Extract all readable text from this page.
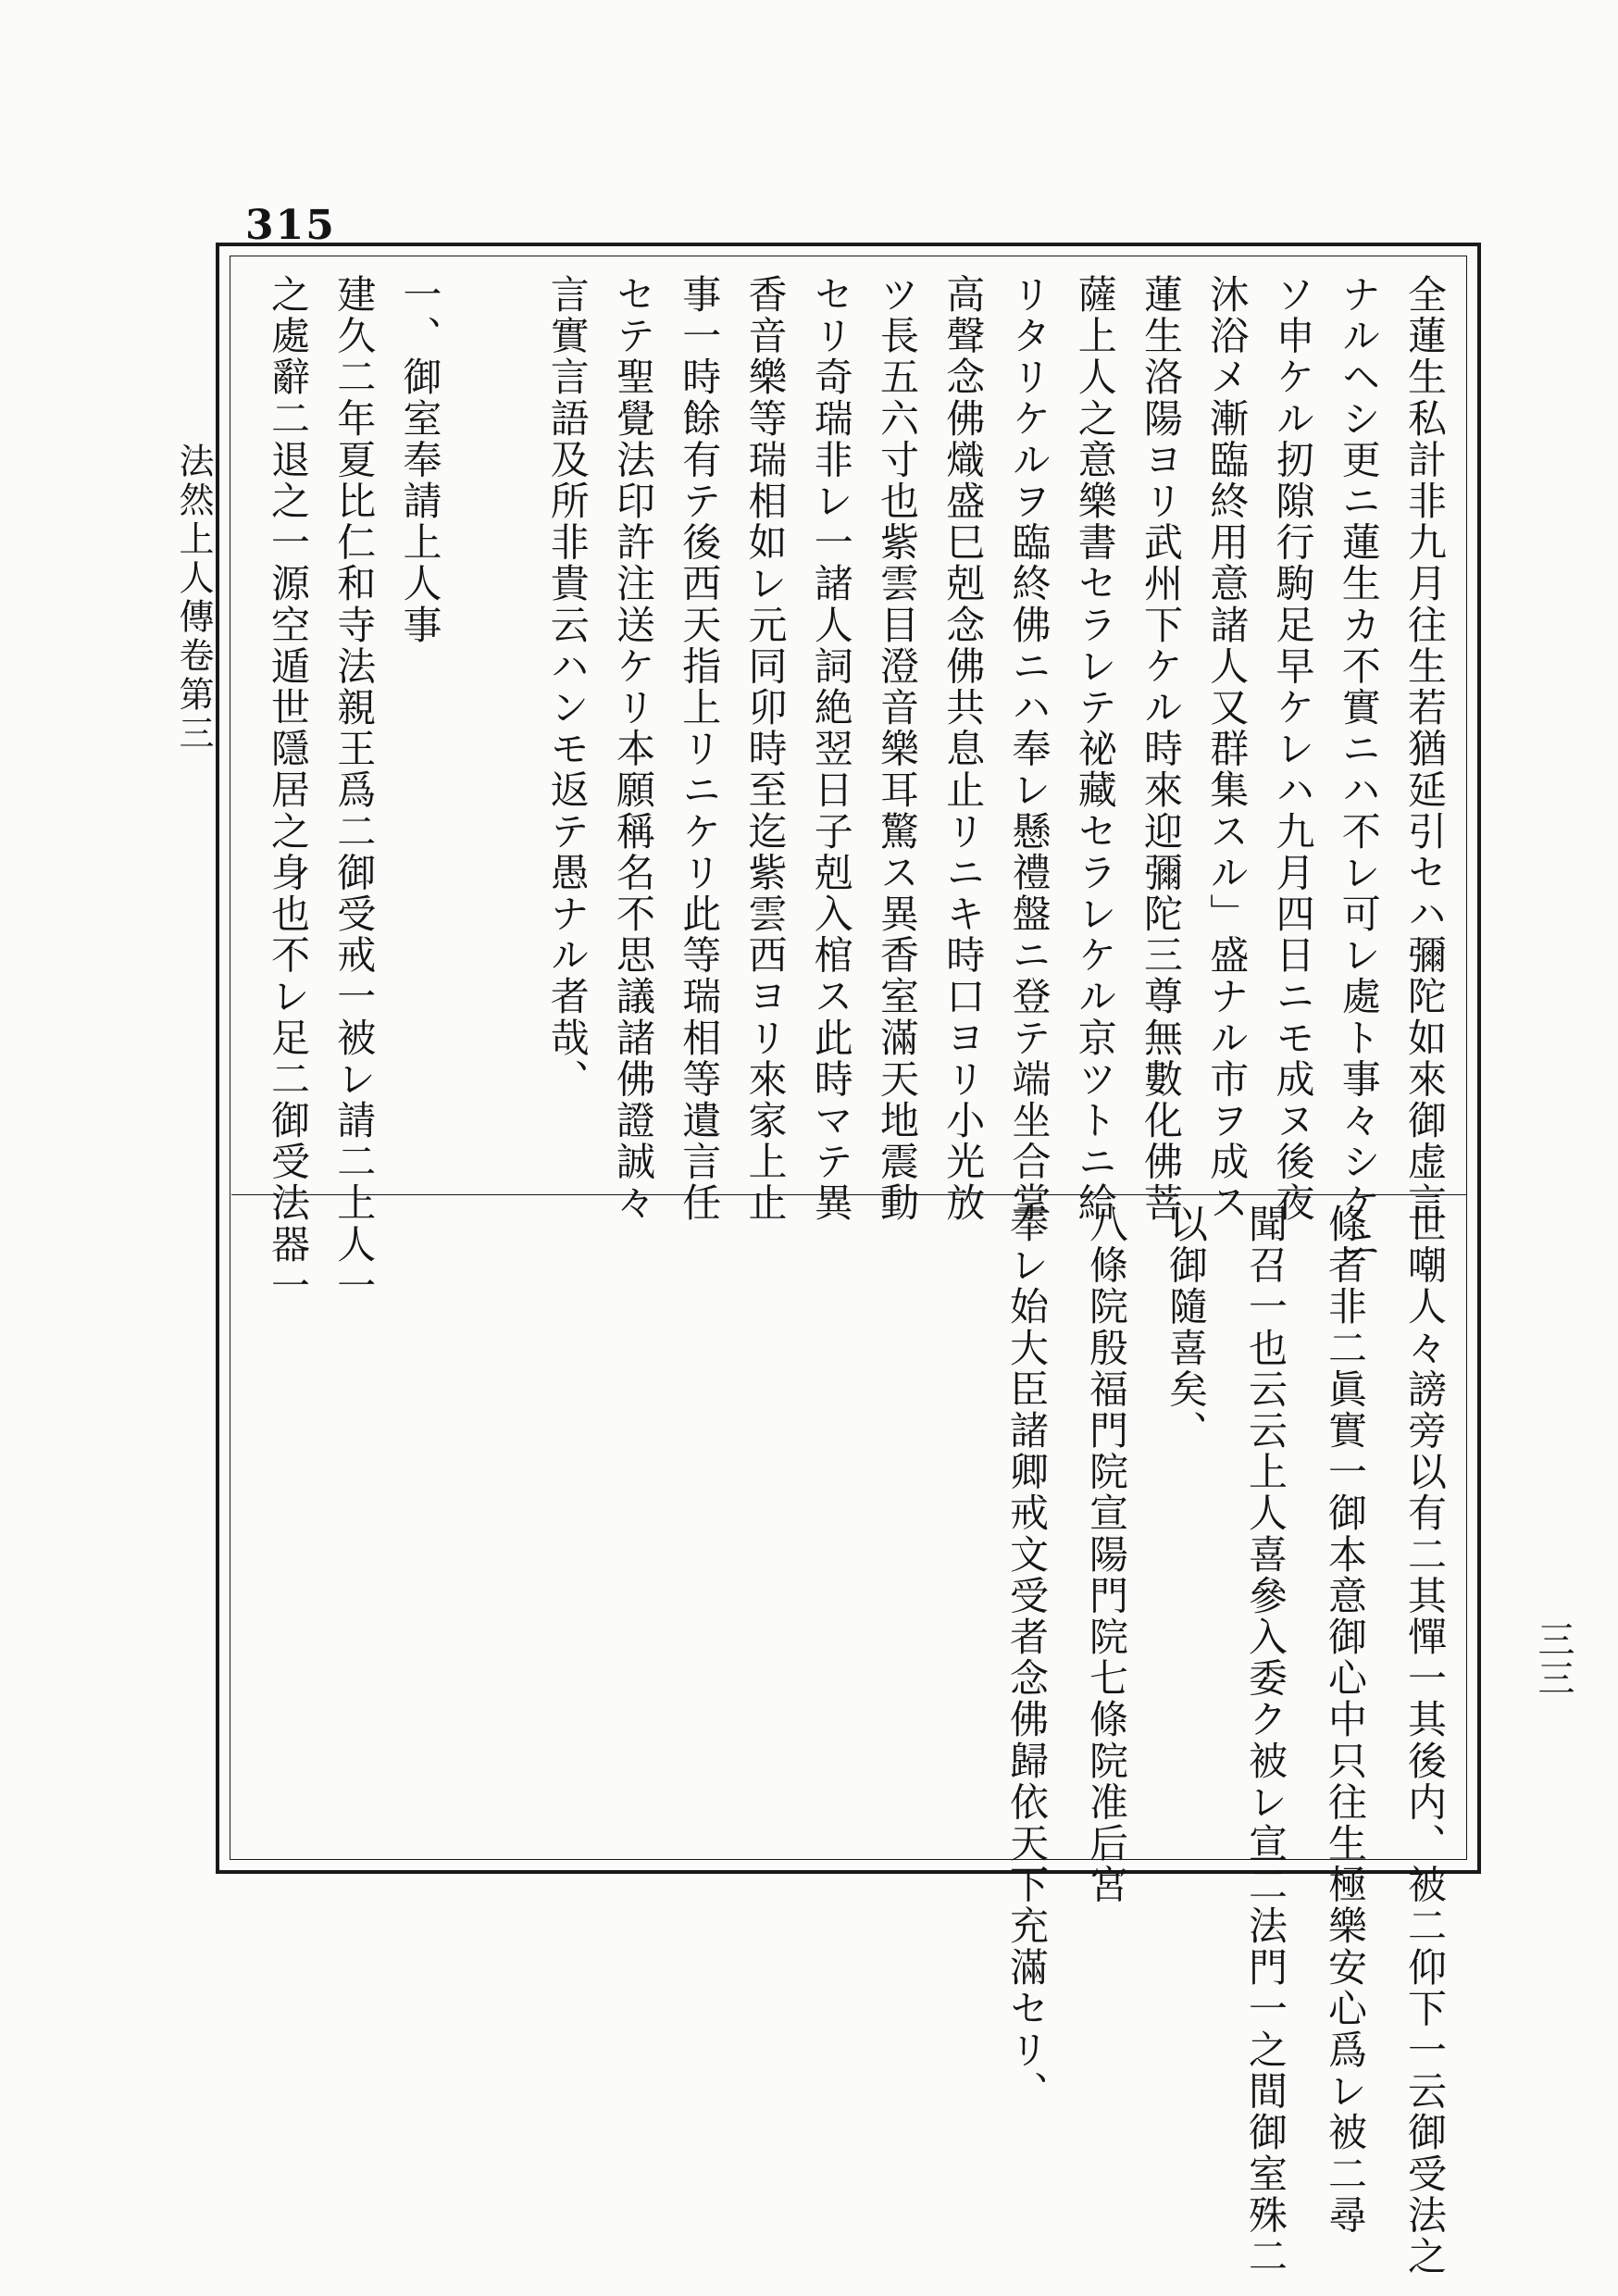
315
法然上人傳卷第三
三三
全蓮生私計非九月往生若猶延引セハ彌陀如來御虚言
ナルヘシ更ニ蓮生カ不實ニハ不レ可レ處ト事々シケニ
ソ申ケル扨隙行駒足早ケレハ九月四日ニモ成ヌ後夜
沐浴メ漸臨終用意諸人又群集スル﹂盛ナル市ヲ成ス
蓮生洛陽ヨリ武州下ケル時來迎彌陀三尊無數化佛菩
薩上人之意樂書セラレテ祕藏セラレケル京ツトニ給
リタリケルヲ臨終佛ニハ奉レ懸禮盤ニ登テ端坐合掌
高聲念佛熾盛巳剋念佛共息止リニキ時口ヨリ小光放
ツ長五六寸也紫雲目澄音樂耳驚ス異香室滿天地震動
セリ奇瑞非レ一諸人詞絶翌日子剋入棺ス此時マテ異
香音樂等瑞相如レ元同卯時至迄紫雲西ヨリ來家上止
事一時餘有テ後西天指上リニケリ此等瑞相等遺言任
セテ聖覺法印許注送ケリ本願稱名不思議諸佛證誠々
言實言語及所非貴云ハンモ返テ愚ナル者哉、
一、御室奉請上人事
建久二年夏比仁和寺法親王爲二御受戒一被レ請二上人一
之處辭二退之一源空遁世隱居之身也不レ足二御受法器一
世嘲人々謗旁以有二其憚一其後内、被二仰下一云御受法之
條者非二眞實一御本意御心中只往生極樂安心爲レ被二尋
聞召一也云云上人喜參入委ク被レ宣二法門一之間御室殊二
以御隨喜矣、
八條院殷福門院宣陽門院七條院准后宮
奉レ始大臣諸卿戒文受者念佛歸依天下充滿セリ、
